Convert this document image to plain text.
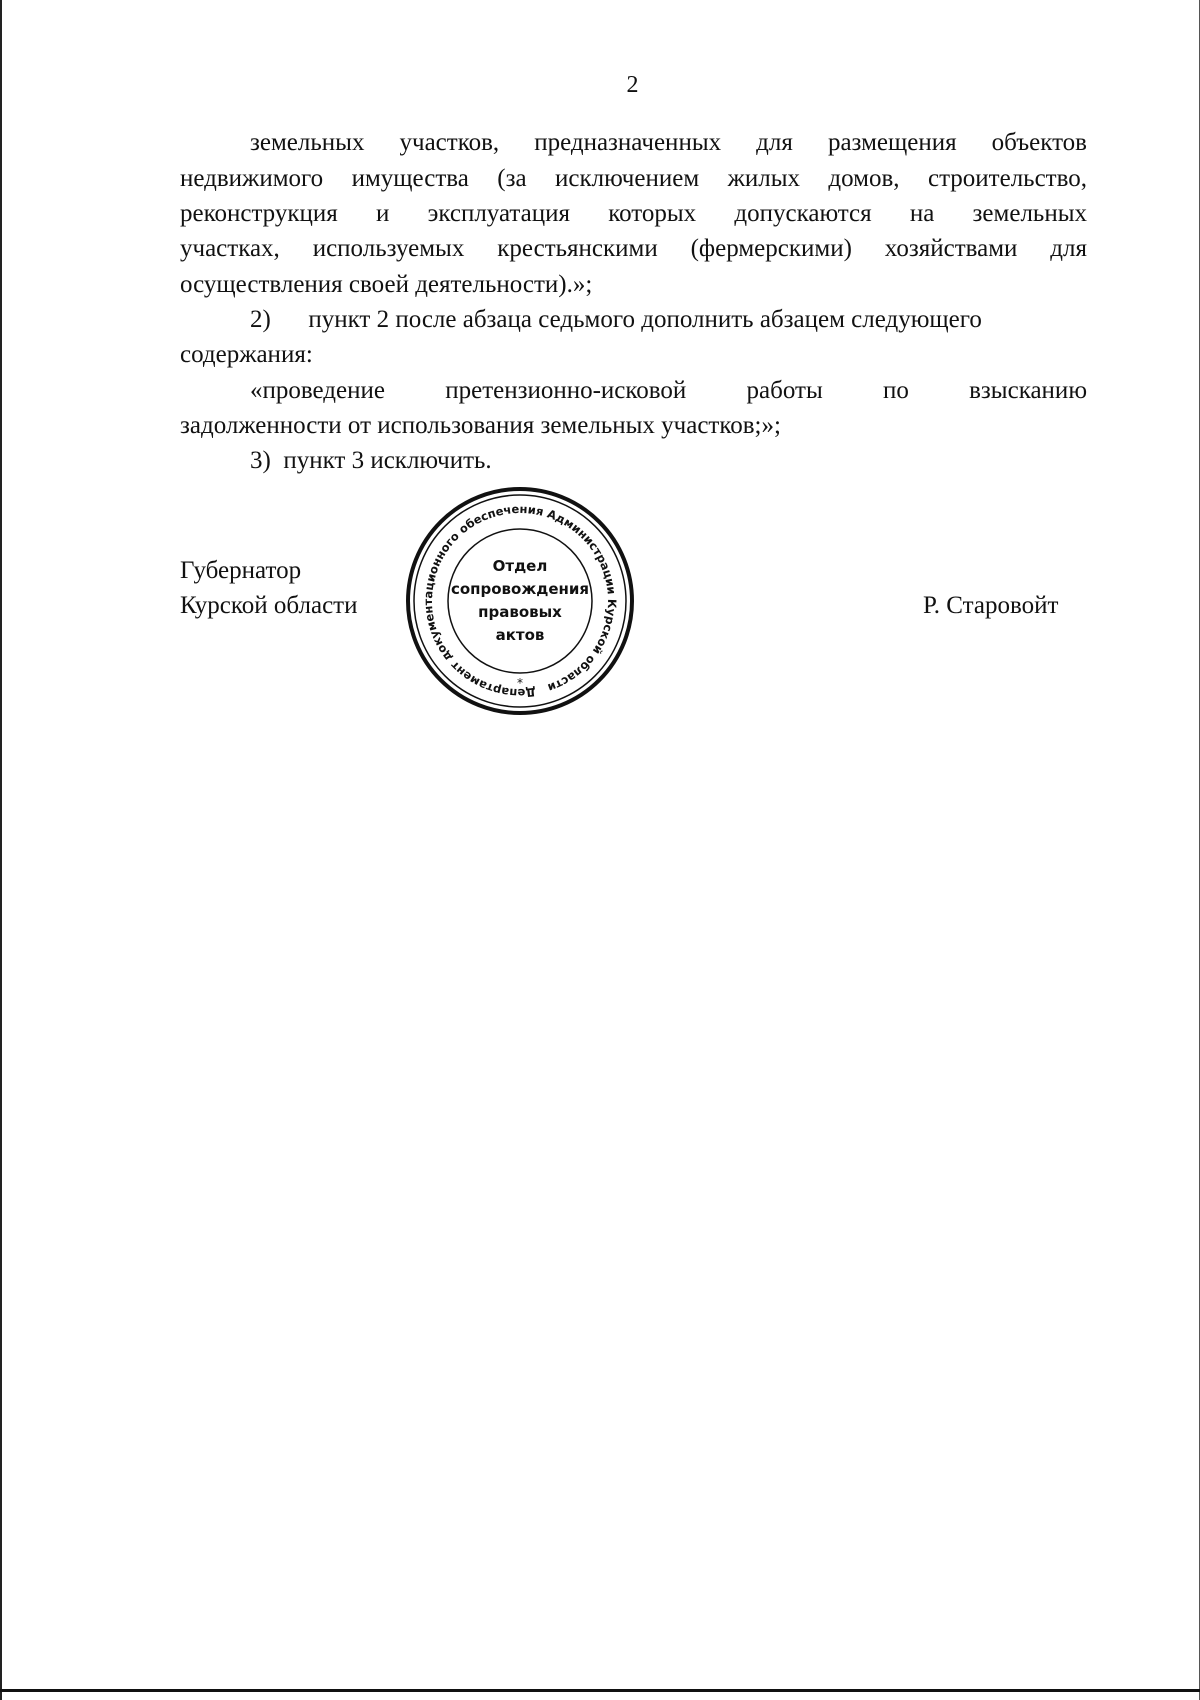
2
земельных участков, предназначенных для размещения объектов
недвижимого имущества (за исключением жилых домов, строительство,
реконструкция и эксплуатация которых допускаются на земельных
участках, используемых крестьянскими (фермерскими) хозяйствами для
осуществления своей деятельности).»;
2)      пункт 2 после абзаца седьмого дополнить абзацем следующего
содержания:
«проведение претензионно-исковой работы по взысканию
задолженности от использования земельных участков;»;
3)  пункт 3 исключить.
Губернатор
Курской области	Р. Старовойт
Департамент документационного обеспечения Администрации Курской области
Отдел
сопровождения
правовых
актов
*
